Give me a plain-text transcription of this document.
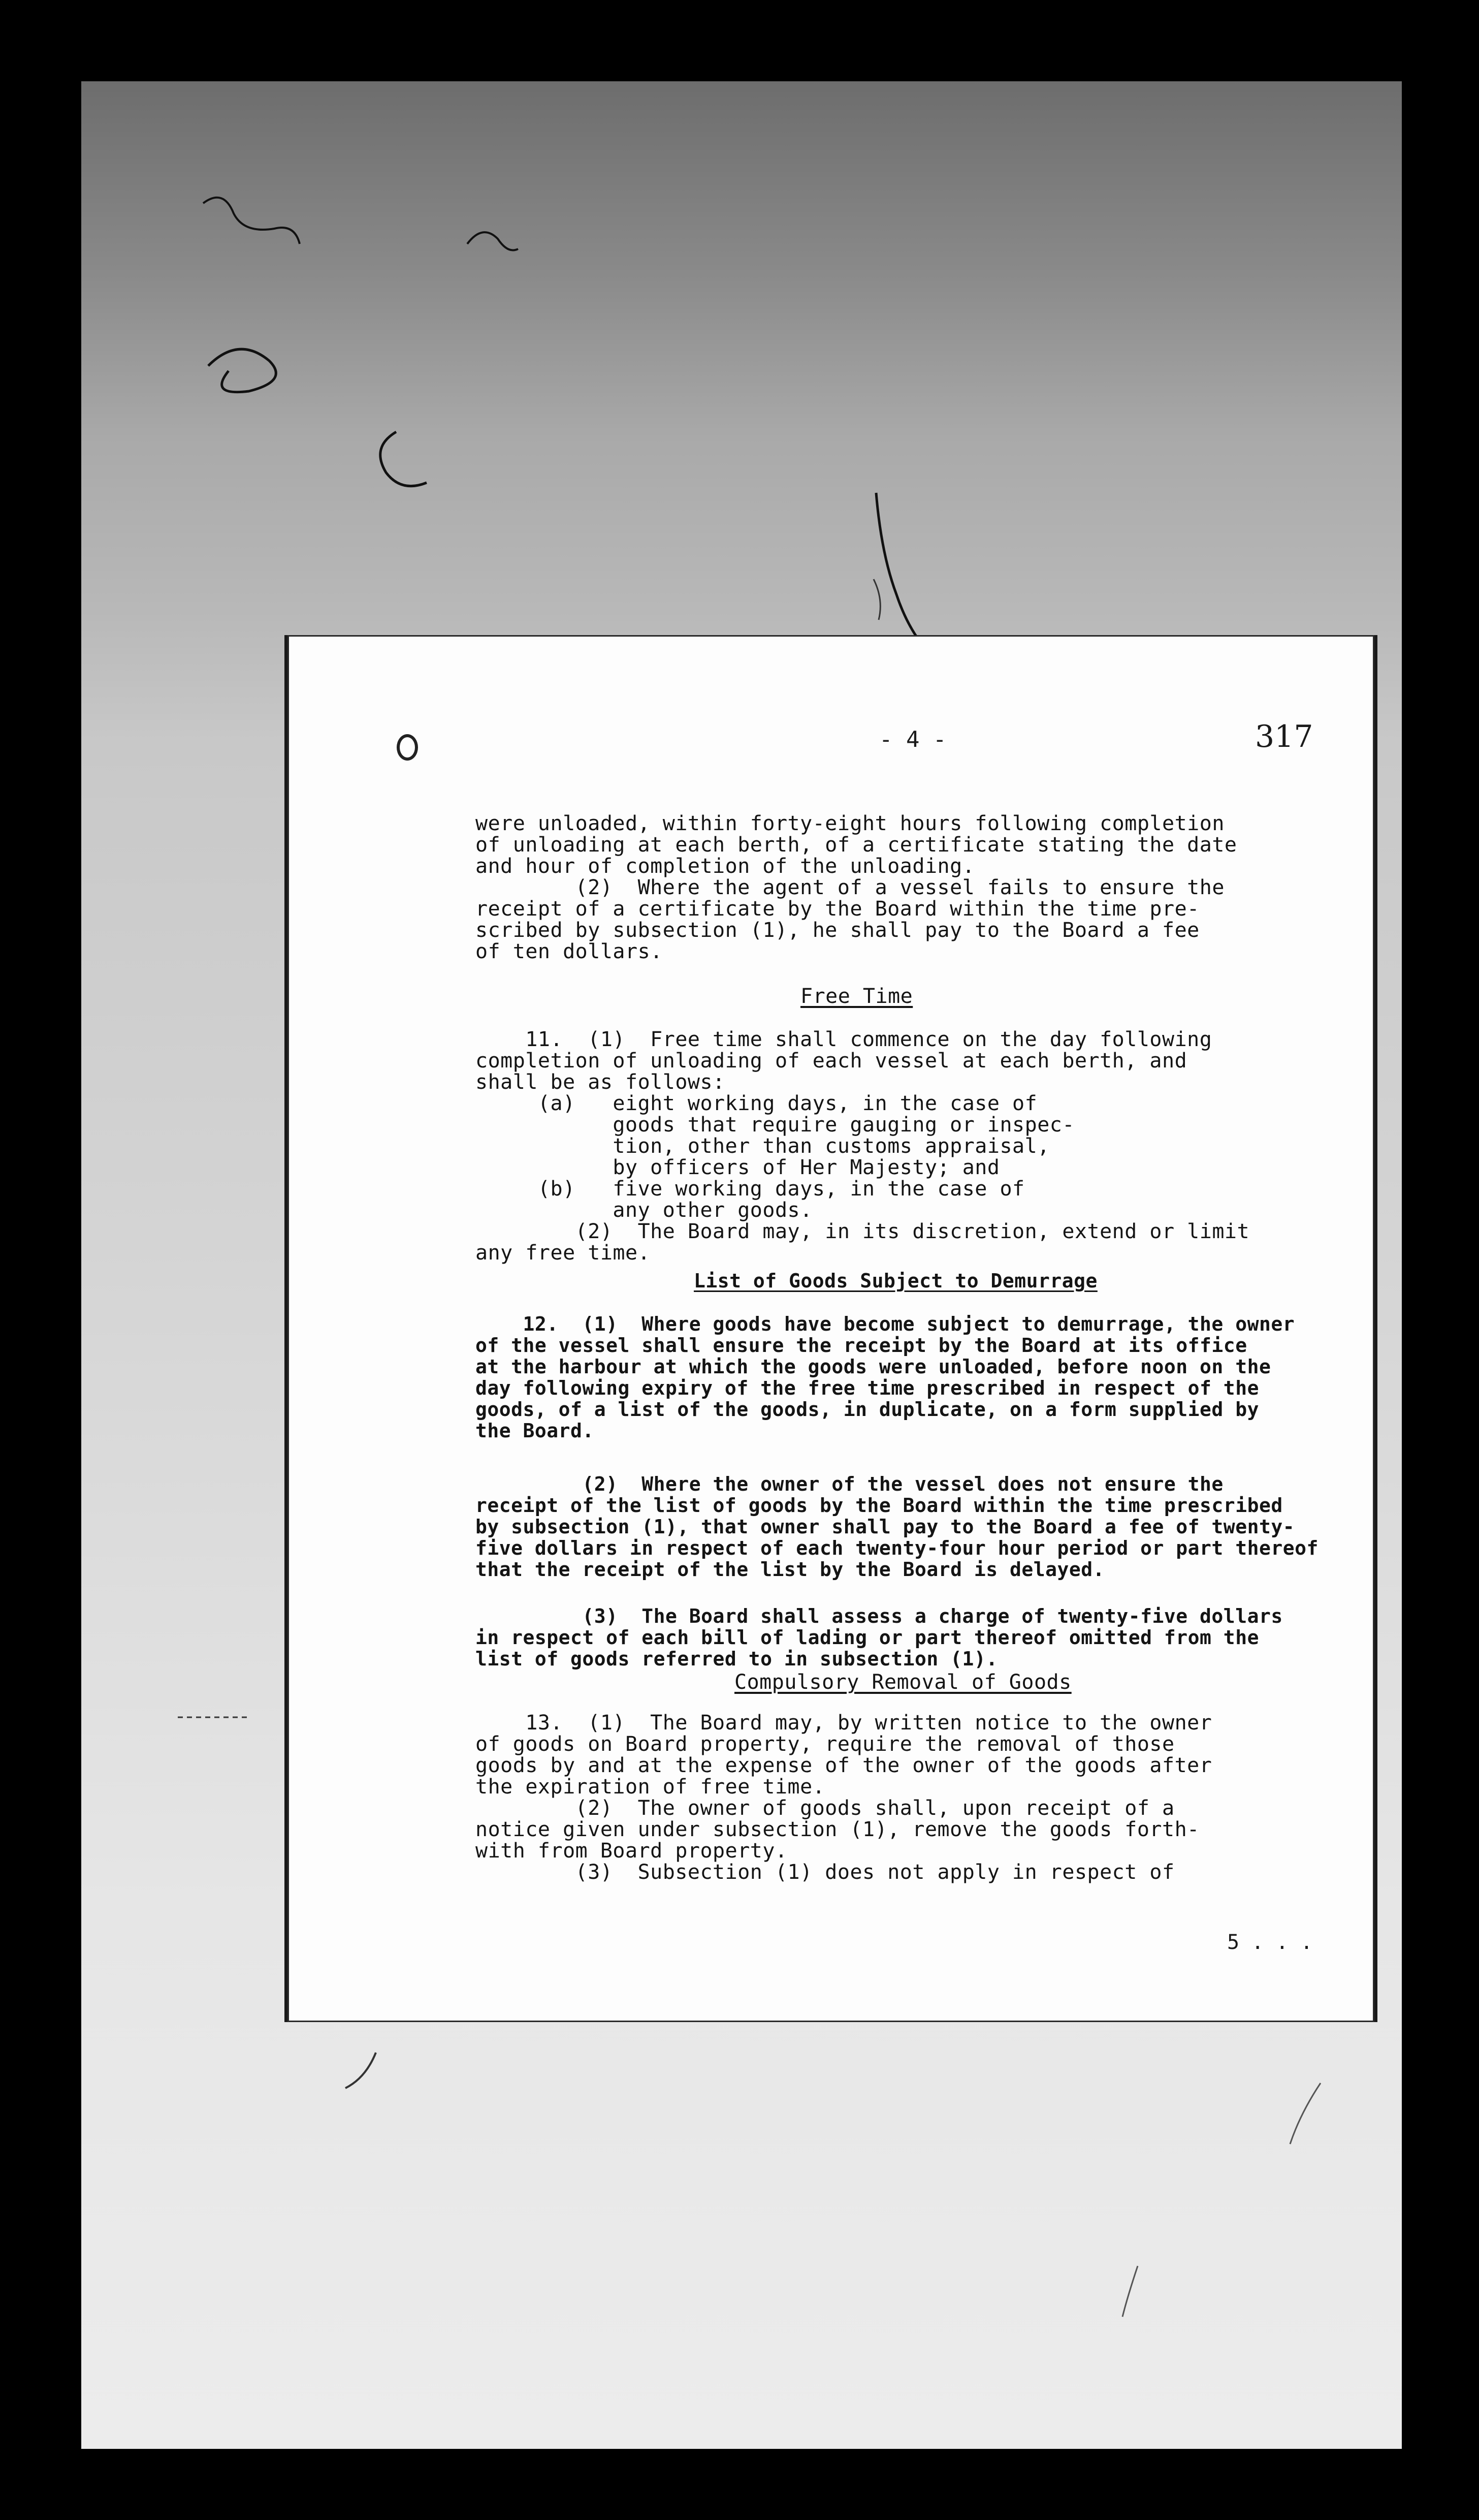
- 4 -	317
were unloaded, within forty-eight hours following completion
of unloading at each berth, of a certificate stating the date
and hour of completion of the unloading.
(2)  Where the agent of a vessel fails to ensure the
receipt of a certificate by the Board within the time pre-
scribed by subsection (1), he shall pay to the Board a fee
of ten dollars.
Free Time
11.  (1)  Free time shall commence on the day following
completion of unloading of each vessel at each berth, and
shall be as follows:
(a)   eight working days, in the case of
goods that require gauging or inspec-
tion, other than customs appraisal,
by officers of Her Majesty; and
(b)   five working days, in the case of
any other goods.
(2)  The Board may, in its discretion, extend or limit
any free time.
List of Goods Subject to Demurrage
12.  (1)  Where goods have become subject to demurrage, the owner
of the vessel shall ensure the receipt by the Board at its office
at the harbour at which the goods were unloaded, before noon on the
day following expiry of the free time prescribed in respect of the
goods, of a list of the goods, in duplicate, on a form supplied by
the Board.
(2)  Where the owner of the vessel does not ensure the
receipt of the list of goods by the Board within the time prescribed
by subsection (1), that owner shall pay to the Board a fee of twenty-
five dollars in respect of each twenty-four hour period or part thereof
that the receipt of the list by the Board is delayed.
(3)  The Board shall assess a charge of twenty-five dollars
in respect of each bill of lading or part thereof omitted from the
list of goods referred to in subsection (1).
Compulsory Removal of Goods
13.  (1)  The Board may, by written notice to the owner
of goods on Board property, require the removal of those
goods by and at the expense of the owner of the goods after
the expiration of free time.
(2)  The owner of goods shall, upon receipt of a
notice given under subsection (1), remove the goods forth-
with from Board property.
(3)  Subsection (1) does not apply in respect of
5 . . .
